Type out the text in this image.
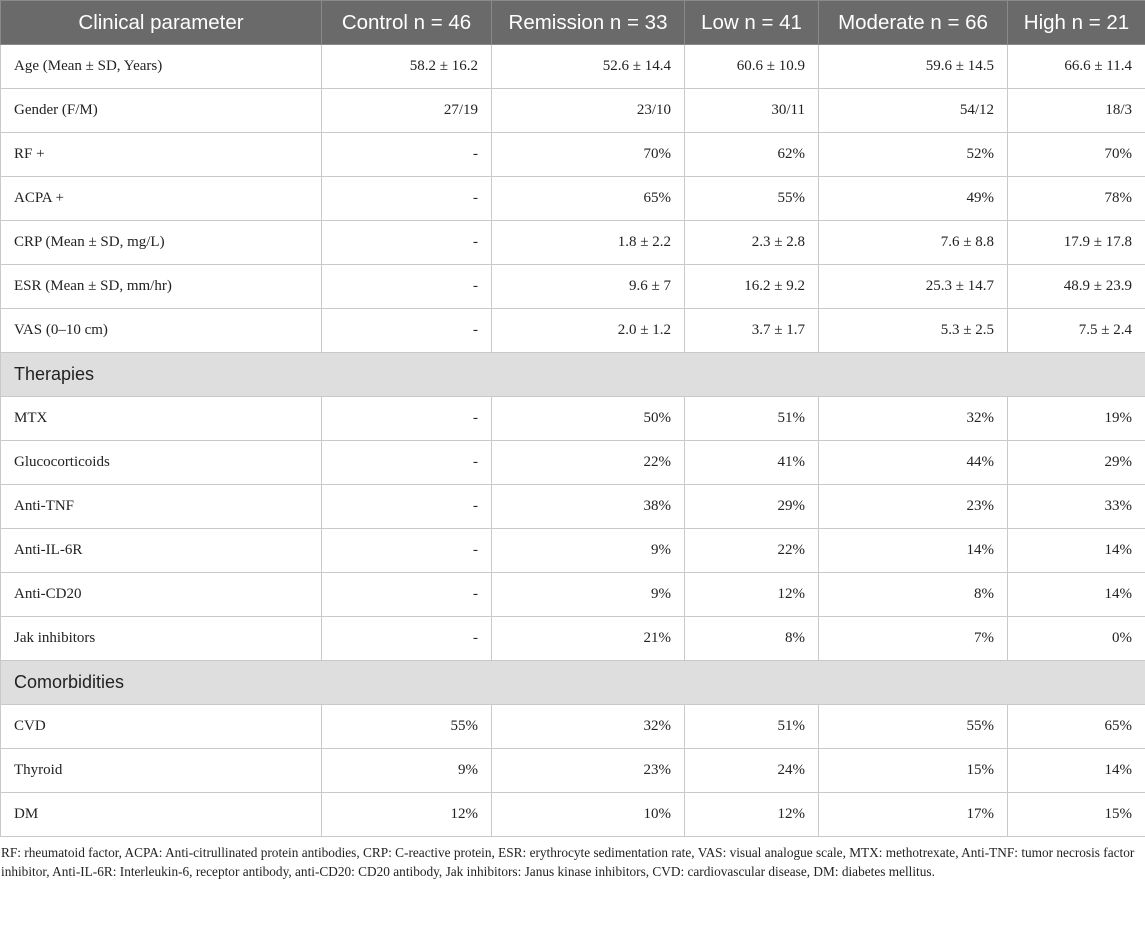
Clinical parameter	Control n = 46	Remission n = 33	Low n = 41	Moderate n = 66	High n = 21
Age (Mean ± SD, Years)	58.2 ± 16.2	52.6 ± 14.4	60.6 ± 10.9	59.6 ± 14.5	66.6 ± 11.4
Gender (F/M)	27/19	23/10	30/11	54/12	18/3
RF +	-	70%	62%	52%	70%
ACPA +	-	65%	55%	49%	78%
CRP (Mean ± SD, mg/L)	-	1.8 ± 2.2	2.3 ± 2.8	7.6 ± 8.8	17.9 ± 17.8
ESR (Mean ± SD, mm/hr)	-	9.6 ± 7	16.2 ± 9.2	25.3 ± 14.7	48.9 ± 23.9
VAS (0–10 cm)	-	2.0 ± 1.2	3.7 ± 1.7	5.3 ± 2.5	7.5 ± 2.4
Therapies					
MTX	-	50%	51%	32%	19%
Glucocorticoids	-	22%	41%	44%	29%
Anti-TNF	-	38%	29%	23%	33%
Anti-IL-6R	-	9%	22%	14%	14%
Anti-CD20	-	9%	12%	8%	14%
Jak inhibitors	-	21%	8%	7%	0%
Comorbidities					
CVD	55%	32%	51%	55%	65%
Thyroid	9%	23%	24%	15%	14%
DM	12%	10%	12%	17%	15%
RF: rheumatoid factor, ACPA: Anti-citrullinated protein antibodies, CRP: C-reactive protein, ESR: erythrocyte sedimentation rate, VAS: visual analogue scale, MTX: methotrexate, Anti-TNF: tumor necrosis factor inhibitor, Anti-IL-6R: Interleukin-6, receptor antibody, anti-CD20: CD20 antibody, Jak inhibitors: Janus kinase inhibitors, CVD: cardiovascular disease, DM: diabetes mellitus.
